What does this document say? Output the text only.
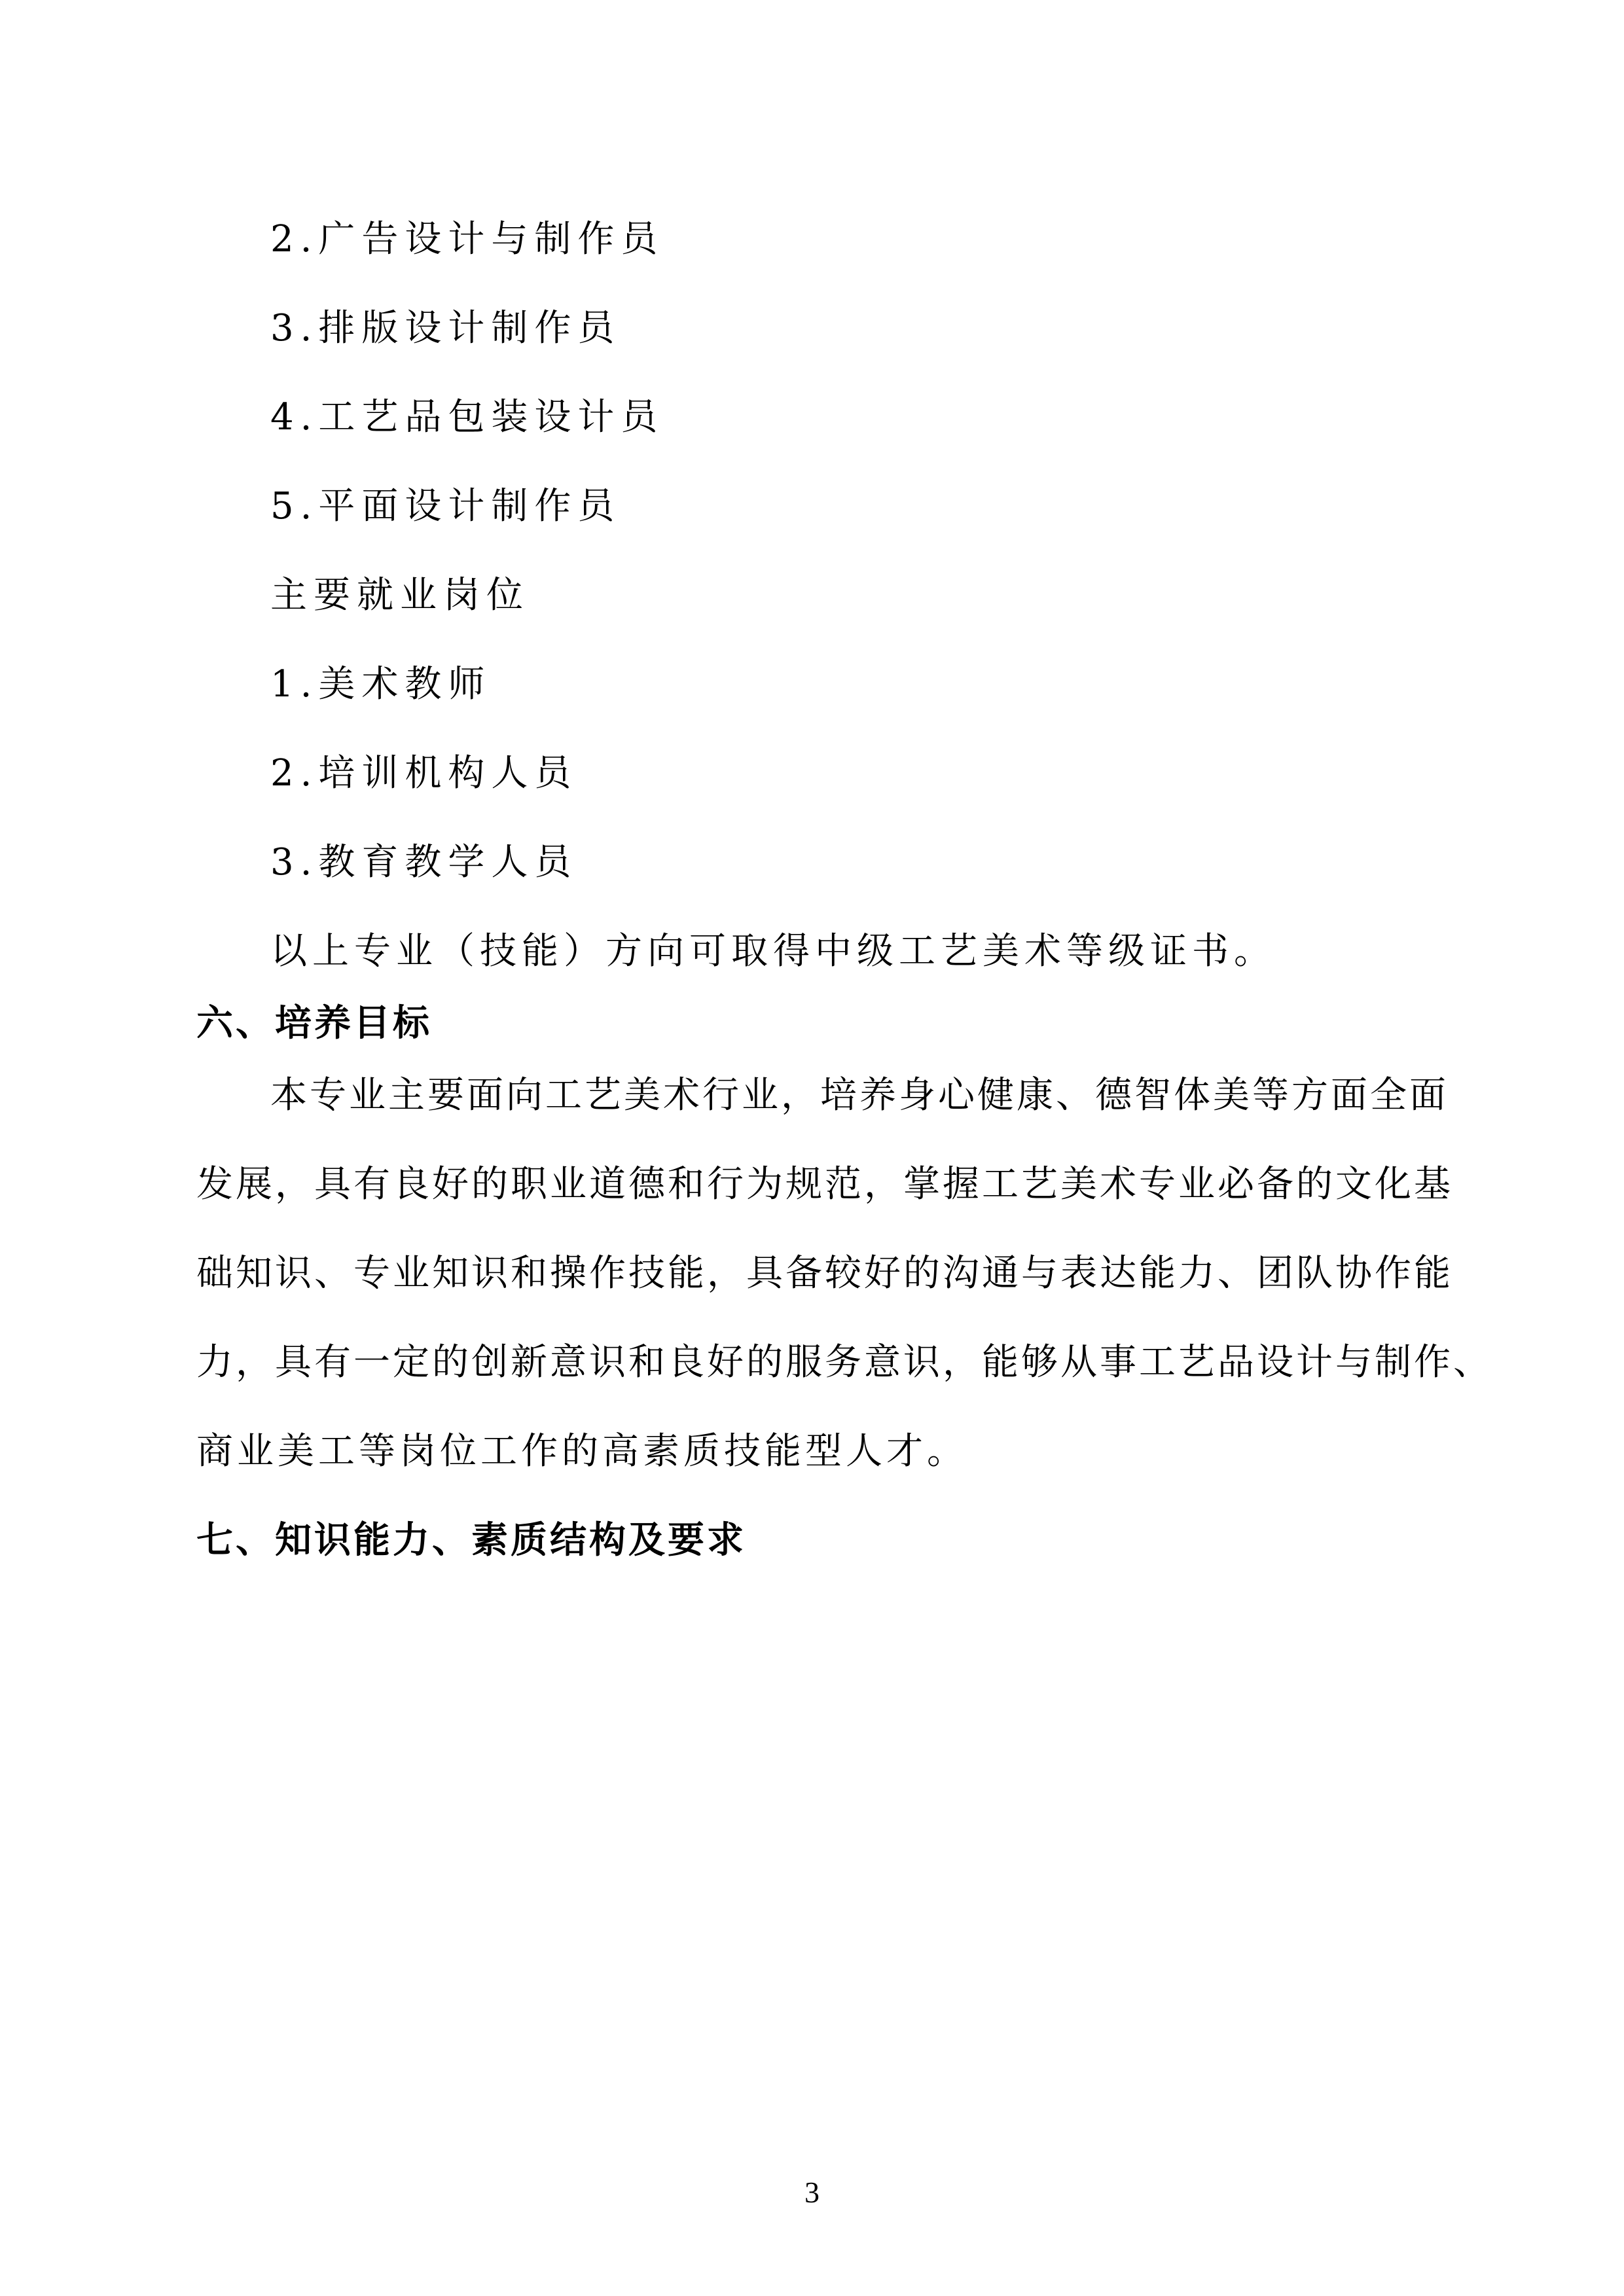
2.广告设计与制作员
3.排版设计制作员
4.工艺品包装设计员
5.平面设计制作员
主要就业岗位
1.美术教师
2.培训机构人员
3.教育教学人员
以上专业（技能）方向可取得中级工艺美术等级证书。
六、培养目标
本专业主要面向工艺美术行业，培养身心健康、德智体美等方面全面
发展，具有良好的职业道德和行为规范，掌握工艺美术专业必备的文化基
础知识、专业知识和操作技能，具备较好的沟通与表达能力、团队协作能
力，具有一定的创新意识和良好的服务意识，能够从事工艺品设计与制作、
商业美工等岗位工作的高素质技能型人才。
七、知识能力、素质结构及要求
3
